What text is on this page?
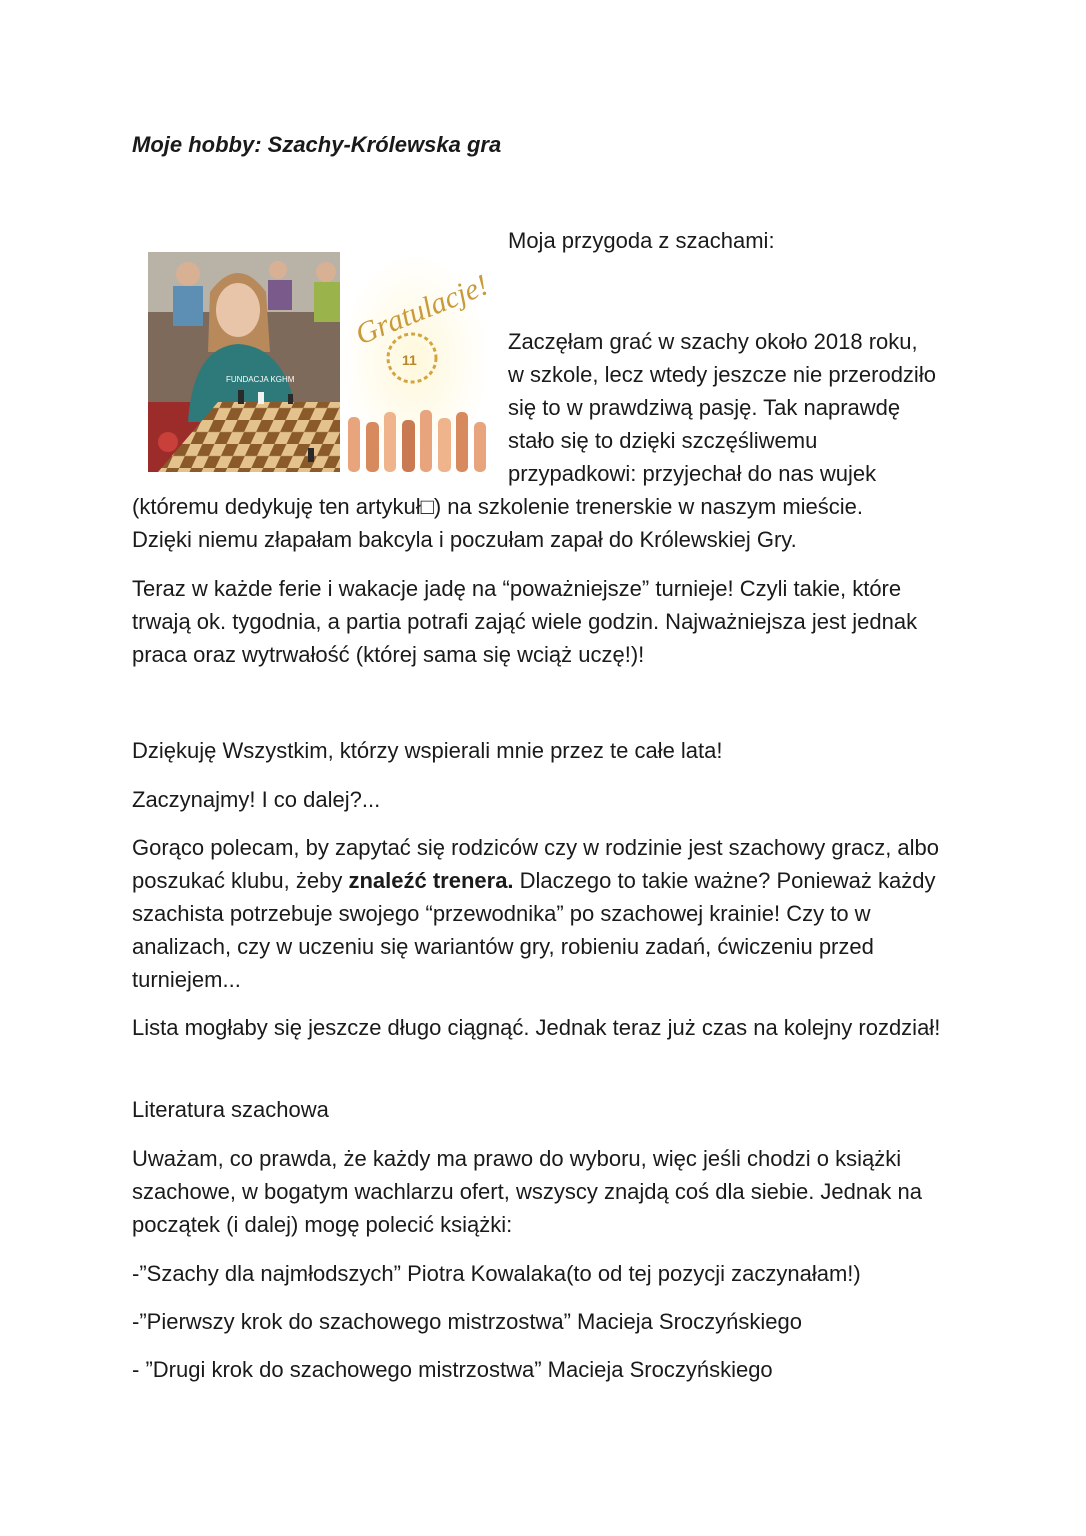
Moje hobby: Szachy-Królewska gra
FUNDACJA KGHM
Gratulacje!
11
Moja przygoda z szachami:

Zaczęłam grać w szachy około 2018 roku,

w szkole, lecz wtedy jeszcze nie przerodziło

się to w prawdziwą pasję. Tak naprawdę

stało się to dzięki szczęśliwemu

przypadkowi: przyjechał do nas wujek

(któremu dedykuję ten artykuł□) na szkolenie trenerskie w naszym mieście.

Dzięki niemu złapałam bakcyla i poczułam zapał do Królewskiej Gry.

Teraz w każde ferie i wakacje jadę na “poważniejsze” turnieje! Czyli takie, które trwają ok. tygodnia, a partia potrafi zająć wiele godzin. Najważniejsza jest jednak praca oraz wytrwałość (której sama się wciąż uczę!)!

Dziękuję Wszystkim, którzy wspierali mnie przez te całe lata!

Zaczynajmy! I co dalej?...

Gorąco polecam, by zapytać się rodziców czy w rodzinie jest szachowy gracz, albo poszukać klubu, żeby znaleźć trenera. Dlaczego to takie ważne? Ponieważ każdy szachista potrzebuje swojego “przewodnika” po szachowej krainie! Czy to w analizach, czy w uczeniu się wariantów gry, robieniu zadań, ćwiczeniu przed turniejem...

Lista mogłaby się jeszcze długo ciągnąć. Jednak teraz już czas na kolejny rozdział!

Literatura szachowa

Uważam, co prawda, że każdy ma prawo do wyboru, więc jeśli chodzi o książki szachowe, w bogatym wachlarzu ofert, wszyscy znajdą coś dla siebie. Jednak na początek (i dalej) mogę polecić książki:

-”Szachy dla najmłodszych” Piotra Kowalaka(to od tej pozycji zaczynałam!)

-”Pierwszy krok do szachowego mistrzostwa” Macieja Sroczyńskiego

- ”Drugi krok do szachowego mistrzostwa” Macieja Sroczyńskiego
